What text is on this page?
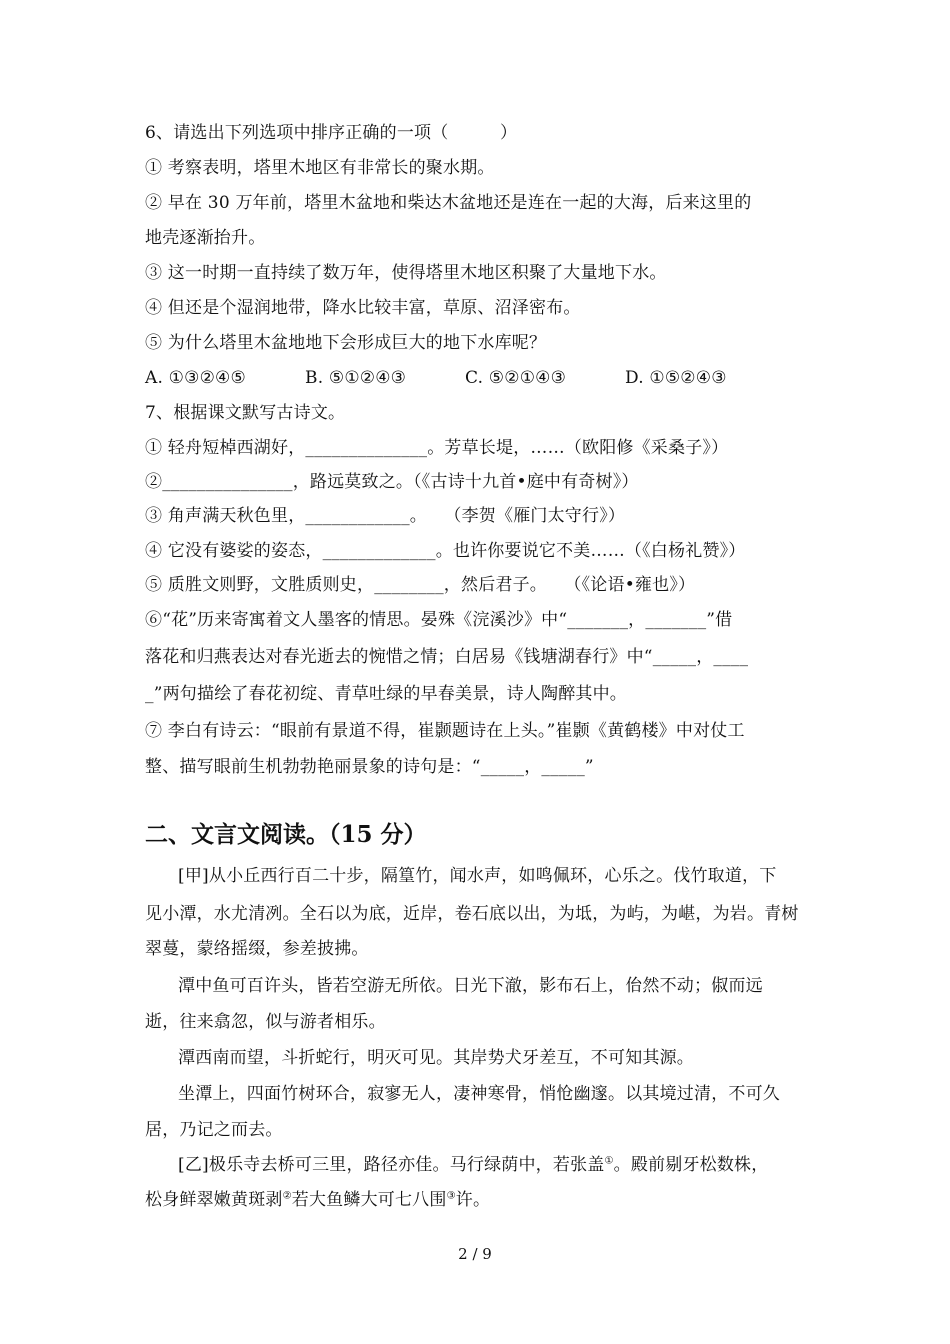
6、请选出下列选项中排序正确的一项（　　　）
① 考察表明，塔里木地区有非常长的聚水期。
② 早在 30 万年前，塔里木盆地和柴达木盆地还是连在一起的大海，后来这里的
地壳逐渐抬升。
③ 这一时期一直持续了数万年，使得塔里木地区积聚了大量地下水。
④ 但还是个湿润地带，降水比较丰富，草原、沼泽密布。
⑤ 为什么塔里木盆地地下会形成巨大的地下水库呢？
A. ①③②④⑤	B. ⑤①②④③	C. ⑤②①④③	D. ①⑤②④③
7、根据课文默写古诗文。
① 轻舟短棹西湖好，______________。芳草长堤，……（欧阳修《采桑子》）
②_______________，路远莫致之。（《古诗十九首•庭中有奇树》）
③ 角声满天秋色里，____________。　　（李贺《雁门太守行》）
④ 它没有婆娑的姿态，_____________。也许你要说它不美……（《白杨礼赞》）
⑤ 质胜文则野，文胜质则史，________，然后君子。　　（《论语•雍也》）
⑥“花”历来寄寓着文人墨客的情思。晏殊《浣溪沙》中“_______，_______”借
落花和归燕表达对春光逝去的惋惜之情；白居易《钱塘湖春行》中“_____，____
_”两句描绘了春花初绽、青草吐绿的早春美景，诗人陶醉其中。
⑦ 李白有诗云：“眼前有景道不得，崔颢题诗在上头。”崔颢《黄鹤楼》中对仗工
整、描写眼前生机勃勃艳丽景象的诗句是：“_____，_____”
二、文言文阅读。（15 分）
[甲]从小丘西行百二十步，隔篁竹，闻水声，如鸣佩环，心乐之。伐竹取道，下
见小潭，水尤清冽。全石以为底，近岸，卷石底以出，为坻，为屿，为嵁，为岩。青树
翠蔓，蒙络摇缀，参差披拂。
潭中鱼可百许头，皆若空游无所依。日光下澈，影布石上，佁然不动；俶而远
逝，往来翕忽，似与游者相乐。
潭西南而望，斗折蛇行，明灭可见。其岸势犬牙差互，不可知其源。
坐潭上，四面竹树环合，寂寥无人，凄神寒骨，悄怆幽邃。以其境过清，不可久
居，乃记之而去。
[乙]极乐寺去桥可三里，路径亦佳。马行绿荫中，若张盖①。殿前剔牙松数株，
松身鲜翠嫩黄斑剥②若大鱼鳞大可七八围③许。
2 / 9
